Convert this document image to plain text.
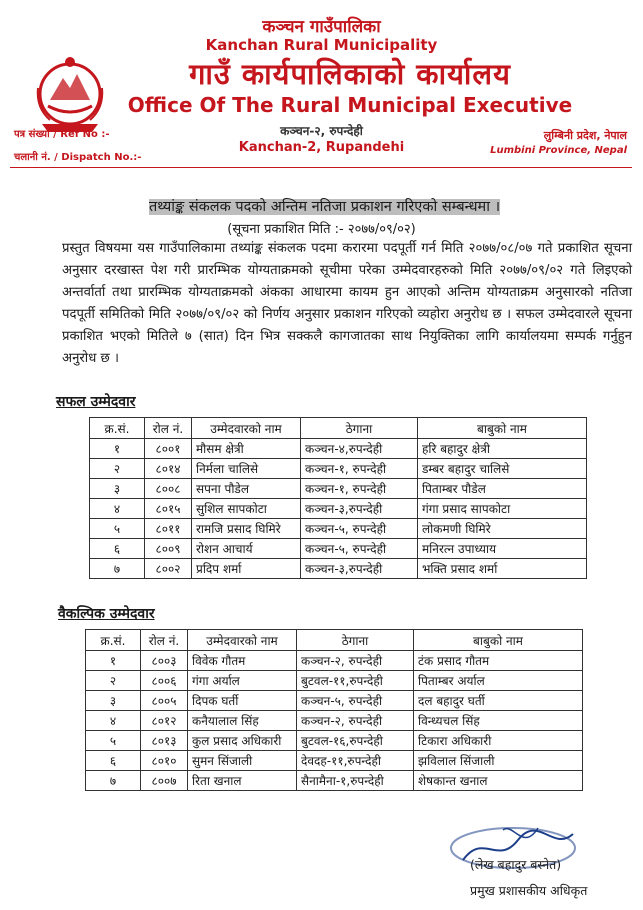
कञ्चन गाउँपालिका
Kanchan Rural Municipality
गाउँ कार्यपालिकाको कार्यालय
Office Of The Rural Municipal Executive
कञ्चन-२, रुपन्देही
Kanchan-2, Rupandehi
पत्र संख्या / Ref No :-
चलानी नं. / Dispatch No.:-
लुम्बिनी प्रदेश, नेपाल
Lumbini Province, Nepal
तथ्यांङ्क संकलक पदको अन्तिम नतिजा प्रकाशन गरिएको सम्बन्धमा ।
(सूचना प्रकाशित मिति :- २०७७/०९/०२)
प्रस्तुत विषयमा यस गाउँपालिकामा तथ्यांङ्क संकलक पदमा करारमा पदपूर्ती गर्न मिति २०७७/०८/०७ गते प्रकाशित सूचना अनुसार दरखास्त पेश गरी प्रारम्भिक योग्यताक्रमको सूचीमा परेका उम्मेदवारहरुको मिति २०७७/०९/०२ गते लिइएको अन्तर्वार्ता तथा प्रारम्भिक योग्यताक्रमको अंकका आधारमा कायम हुन आएको अन्तिम योग्यताक्रम अनुसारको नतिजा पदपूर्ती समितिको मिति २०७७/०९/०२ को निर्णय अनुसार प्रकाशन गरिएको व्यहोरा अनुरोध छ । सफल उम्मेदवारले सूचना प्रकाशित भएको मितिले ७ (सात) दिन भित्र सक्कलै कागजातका साथ नियुक्तिका लागि कार्यालयमा सम्पर्क गर्नुहुन अनुरोध छ ।
सफल उम्मेदवार
क्र.सं.	रोल नं.	उम्मेदवारको नाम	ठेगाना	बाबुको नाम
१	८००१	मौसम क्षेत्री	कञ्चन-४,रुपन्देही	हरि बहादुर क्षेत्री
२	८०१४	निर्मला चालिसे	कञ्चन-१, रुपन्देही	डम्बर बहादुर चालिसे
३	८००८	सपना पौडेल	कञ्चन-१, रुपन्देही	पिताम्बर पौडेल
४	८०१५	सुशिल सापकोटा	कञ्चन-३,रुपन्देही	गंगा प्रसाद सापकोटा
५	८०११	रामजि प्रसाद घिमिरे	कञ्चन-५, रुपन्देही	लोकमणी घिमिरे
६	८००९	रोशन आचार्य	कञ्चन-५, रुपन्देही	मनिरत्न उपाध्याय
७	८००२	प्रदिप शर्मा	कञ्चन-३,रुपन्देही	भक्ति प्रसाद शर्मा
वैकल्पिक उम्मेदवार
क्र.सं.	रोल नं.	उम्मेदवारको नाम	ठेगाना	बाबुको नाम
१	८००३	विवेक गौतम	कञ्चन-२, रुपन्देही	टंक प्रसाद गौतम
२	८००६	गंगा अर्याल	बुटवल-११,रुपन्देही	पिताम्बर अर्याल
३	८००५	दिपक घर्ती	कञ्चन-५, रुपन्देही	दल बहादुर घर्ती
४	८०१२	कनैयालाल सिंह	कञ्चन-२, रुपन्देही	विन्ध्यचल सिंह
५	८०१३	कुल प्रसाद अधिकारी	बुटवल-१६,रुपन्देही	टिकारा अधिकारी
६	८०१०	सुमन सिंजाली	देवदह-११,रुपन्देही	झविलाल सिंजाली
७	८००७	रिता खनाल	सैनामैना-१,रुपन्देही	शेषकान्त खनाल
(लेख बहादुर बस्नेत)
प्रमुख प्रशासकीय अधिकृत
